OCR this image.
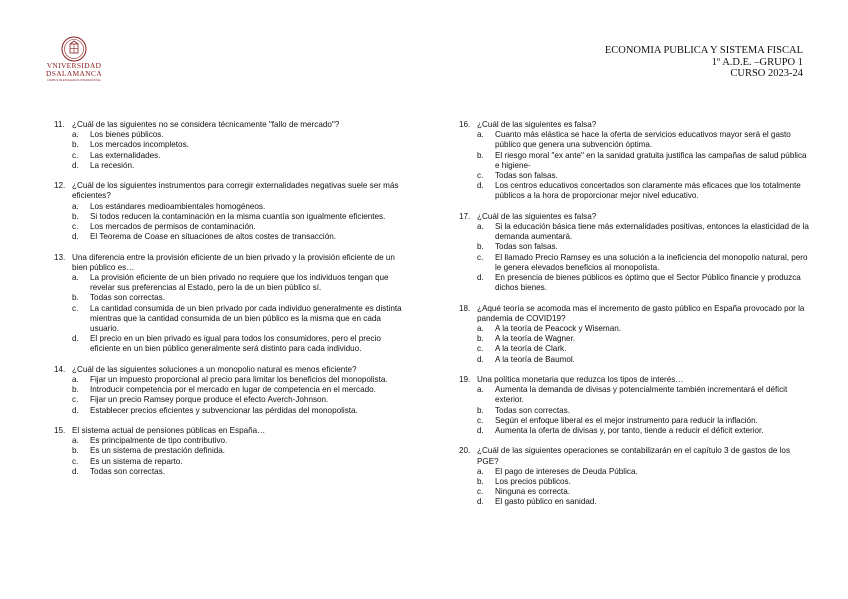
VNIVERSIDAD
DSALAMANCA
CAMPUS DE EXCELENCIA INTERNACIONAL
ECONOMIA PUBLICA Y SISTEMA FISCAL
1º A.D.E. –GRUPO 1
CURSO 2023-24
11. ¿Cuál de las siguientes no se considera técnicamente "fallo de mercado"?
a.	Los bienes públicos.
b.	Los mercados incompletos.
c.	Las externalidades.
d.	La recesión.
12. ¿Cuál de los siguientes instrumentos para corregir externalidades negativas suele ser más eficientes?
a.	Los estándares medioambientales homogéneos.
b.	Si todos reducen la contaminación en la misma cuantía son igualmente eficientes.
c.	Los mercados de permisos de contaminación.
d.	El Teorema de Coase en situaciones de altos costes de transacción.
13. Una diferencia entre la provisión eficiente de un bien privado y la provisión eficiente de un bien público es…
a.	La provisión eficiente de un bien privado no requiere que los individuos tengan que revelar sus preferencias al Estado, pero la de un bien público sí.
b.	Todas son correctas.
c.	La cantidad consumida de un bien privado por cada individuo generalmente es distinta mientras que la cantidad consumida de un bien público es la misma que en cada usuario.
d.	El precio en un bien privado es igual para todos los consumidores, pero el precio eficiente en un bien público generalmente será distinto para cada individuo.
14. ¿Cuál de las siguientes soluciones a un monopolio natural es menos eficiente?
a.	Fijar un impuesto proporcional al precio para limitar los beneficios del monopolista.
b.	Introducir competencia por el mercado en lugar de competencia en el mercado.
c.	Fijar un precio Ramsey porque produce el efecto Averch-Johnson.
d.	Establecer precios eficientes y subvencionar las pérdidas del monopolista.
15. El sistema actual de pensiones públicas en España…
a.	Es principalmente de tipo contributivo.
b.	Es un sistema de prestación definida.
c.	Es un sistema de reparto.
d.	Todas son correctas.
16. ¿Cuál de las siguientes es falsa?
a.	Cuanto más elástica se hace la oferta de servicios educativos mayor será el gasto público que genera una subvención óptima.
b.	El riesgo moral "ex ante" en la sanidad gratuita justifica las campañas de salud pública e higiene-
c.	Todas son falsas.
d.	Los centros educativos concertados son claramente más eficaces que los totalmente públicos a la hora de proporcionar mejor nivel educativo.
17. ¿Cuál de las siguientes es falsa?
a.	Si la educación básica tiene más externalidades positivas, entonces la elasticidad de la demanda aumentará.
b.	Todas son falsas.
c.	El llamado Precio Ramsey es una solución a la ineficiencia del monopolio natural, pero le genera elevados beneficios al monopolista.
d.	En presencia de bienes públicos es óptimo que el Sector Público financie y produzca dichos bienes.
18. ¿Aqué teoría se acomoda mas el incremento de gasto público en España provocado por la pandemia de COVID19?
a.	A la teoría de Peacock y Wiseman.
b.	A la teoría de Wagner.
c.	A la teoría de Clark.
d.	A la teoría de Baumol.
19. Una política monetaria que reduzca los tipos de interés…
a.	Aumenta la demanda de divisas y potencialmente también incrementará el déficit exterior.
b.	Todas son correctas.
c.	Según el enfoque liberal es el mejor instrumento para reducir la inflación.
d.	Aumenta la oferta de divisas y, por tanto, tiende a reducir el déficit exterior.
20. ¿Cuál de las siguientes operaciones se contabilizarán en el capítulo 3 de gastos de los PGE?
a.	El pago de intereses de Deuda Pública.
b.	Los precios públicos.
c.	Ninguna es correcta.
d.	El gasto público en sanidad.
